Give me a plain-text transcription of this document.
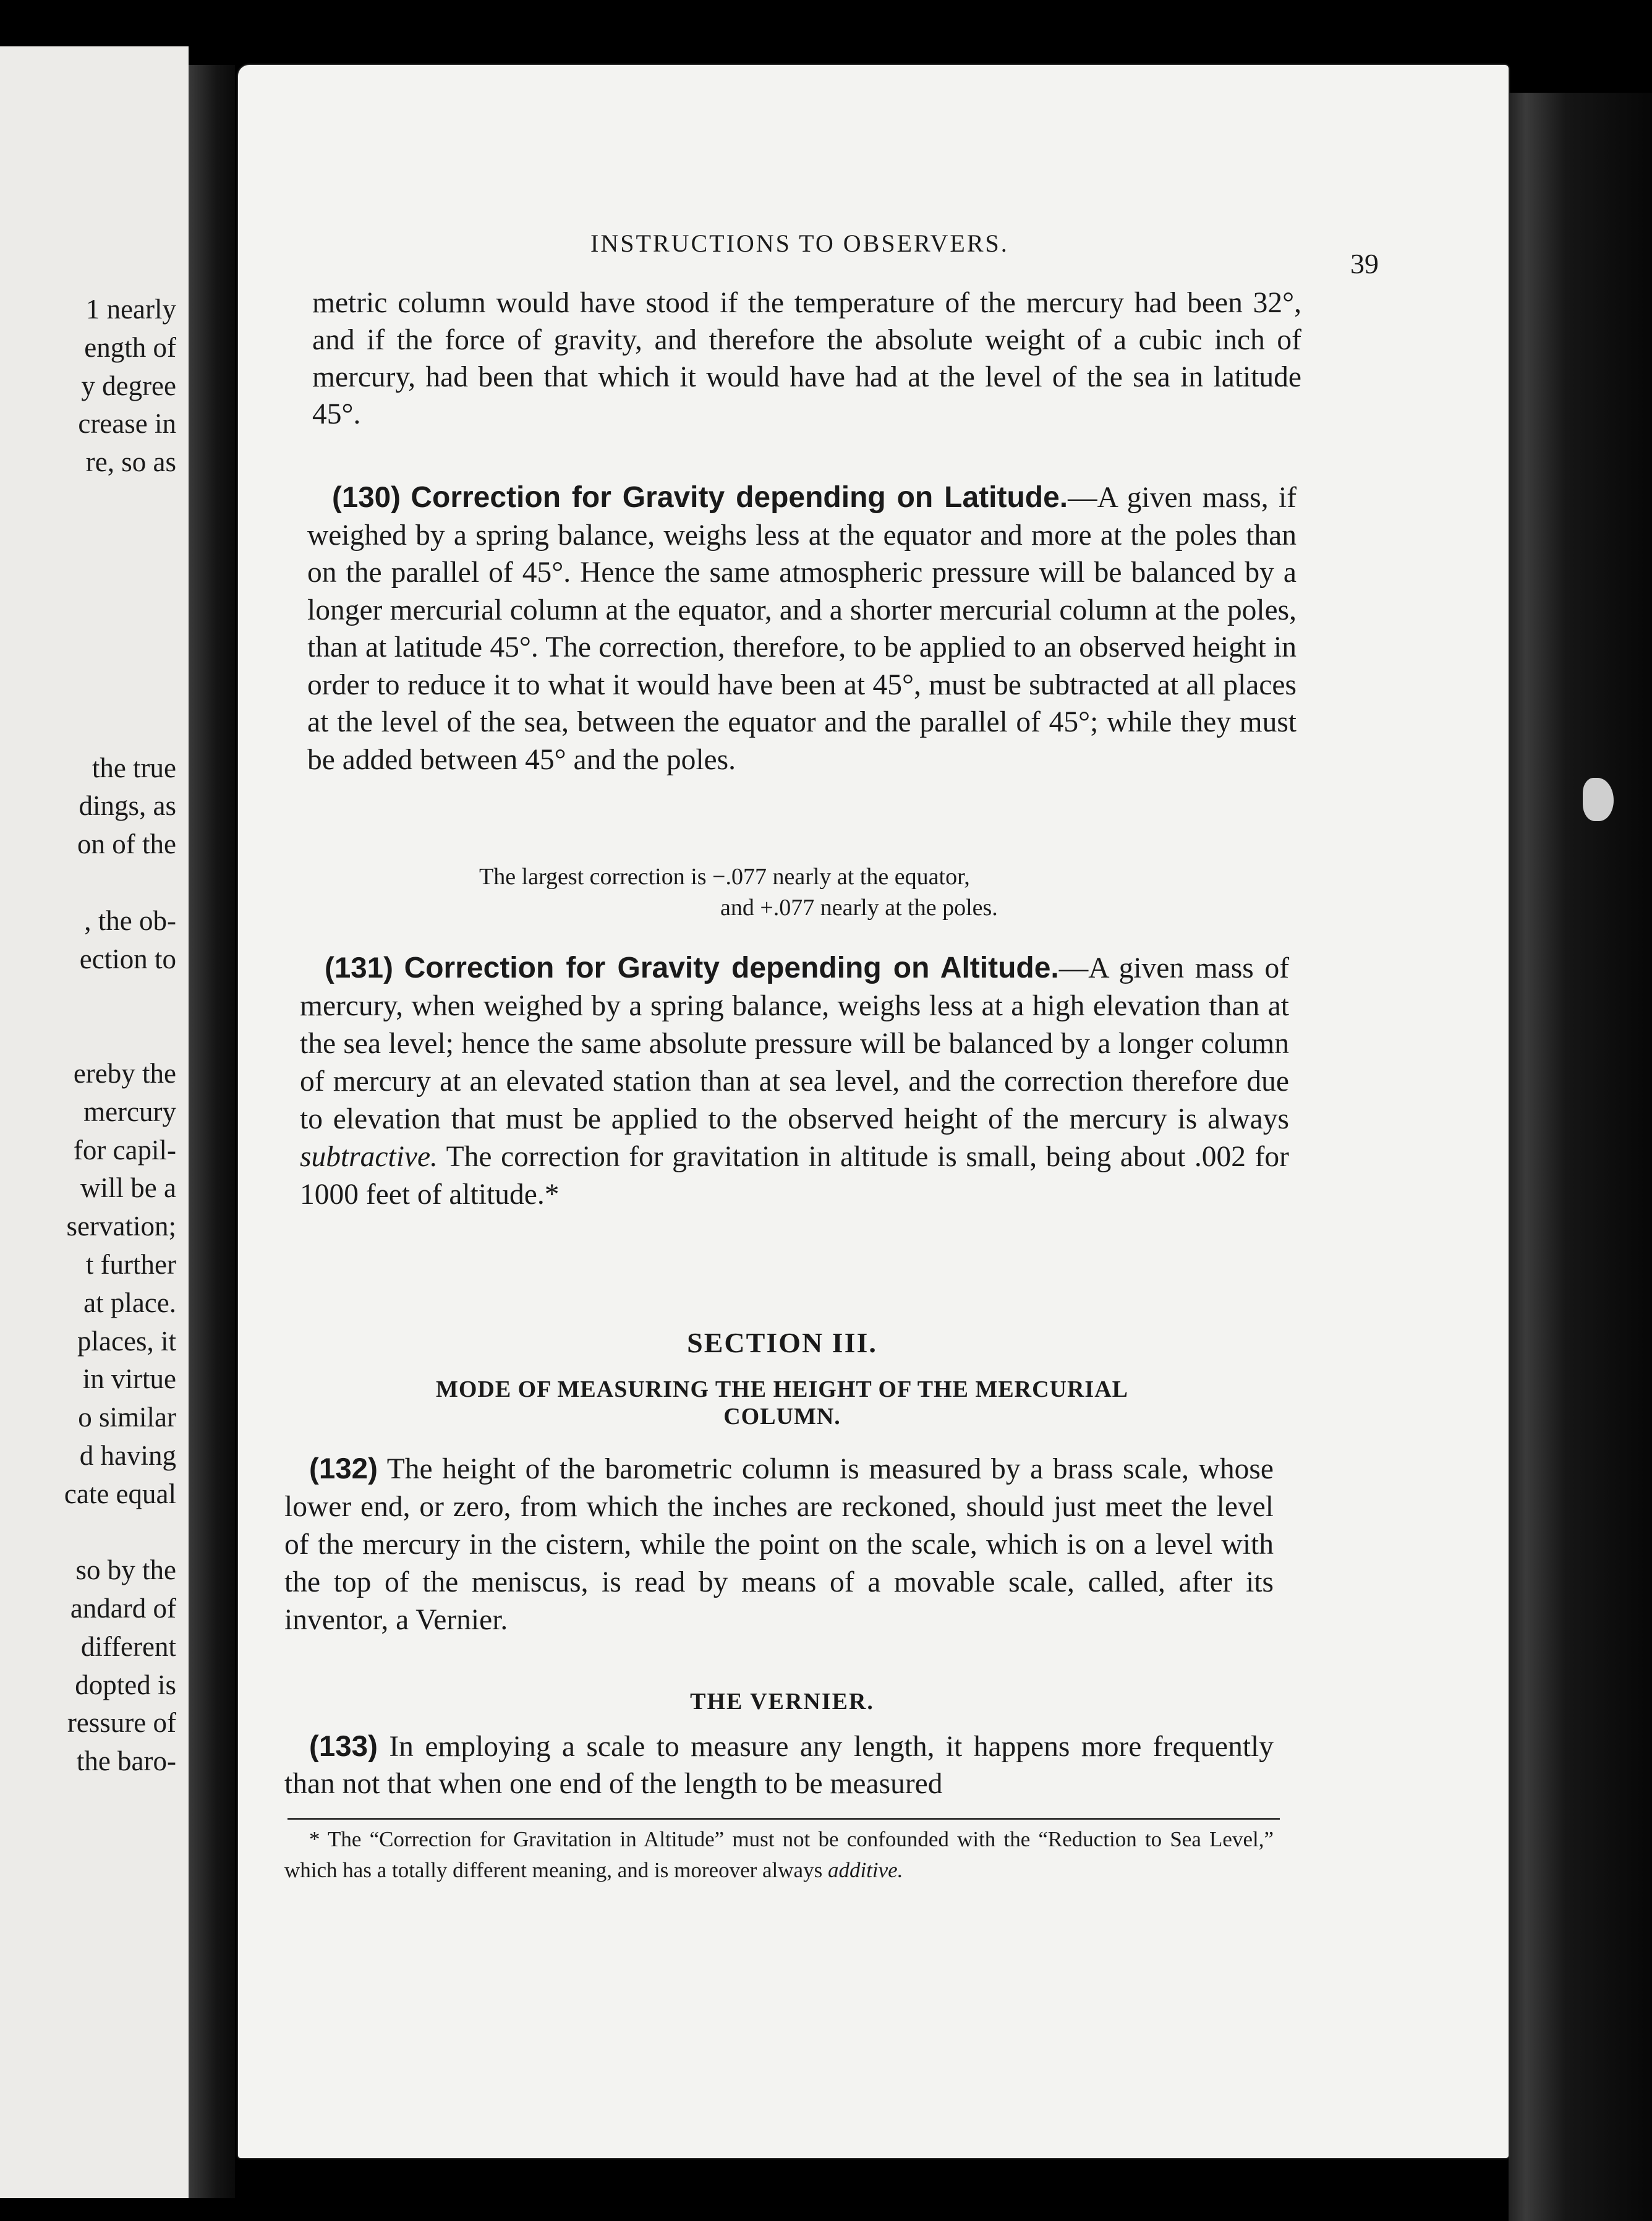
1 nearly
ength of
y degree
crease in
re, so as
the true
dings, as
on of the
, the ob-
ection to
ereby the
mercury
for capil-
will be a
servation;
t further
at place.
places, it
in virtue
o similar
d having
cate equal
so by the
andard of
different
dopted is
ressure of
the baro-
INSTRUCTIONS TO OBSERVERS.
39
metric column would have stood if the temperature of the mercury had been 32°, and if the force of gravity, and therefore the absolute weight of a cubic inch of mercury, had been that which it would have had at the level of the sea in latitude 45°.
(130) Correction for Gravity depending on Latitude.—A given mass, if weighed by a spring balance, weighs less at the equator and more at the poles than on the parallel of 45°. Hence the same atmospheric pressure will be balanced by a longer mercurial column at the equator, and a shorter mercurial column at the poles, than at latitude 45°. The correction, therefore, to be applied to an observed height in order to reduce it to what it would have been at 45°, must be subtracted at all places at the level of the sea, between the equator and the parallel of 45°; while they must be added between 45° and the poles.
The largest correction is −.077 nearly at the equator,
and +.077 nearly at the poles.
(131) Correction for Gravity depending on Altitude.—A given mass of mercury, when weighed by a spring balance, weighs less at a high elevation than at the sea level; hence the same absolute pressure will be balanced by a longer column of mercury at an elevated station than at sea level, and the correction therefore due to elevation that must be applied to the observed height of the mercury is always subtractive. The correction for gravitation in altitude is small, being about .002 for 1000 feet of altitude.*
SECTION III.
MODE OF MEASURING THE HEIGHT OF THE MERCURIAL
COLUMN.
(132) The height of the barometric column is measured by a brass scale, whose lower end, or zero, from which the inches are reckoned, should just meet the level of the mercury in the cistern, while the point on the scale, which is on a level with the top of the meniscus, is read by means of a movable scale, called, after its inventor, a Vernier.
THE VERNIER.
(133) In employing a scale to measure any length, it happens more frequently than not that when one end of the length to be measured
* The “Correction for Gravitation in Altitude” must not be confounded with the “Reduction to Sea Level,” which has a totally different meaning, and is moreover always additive.
